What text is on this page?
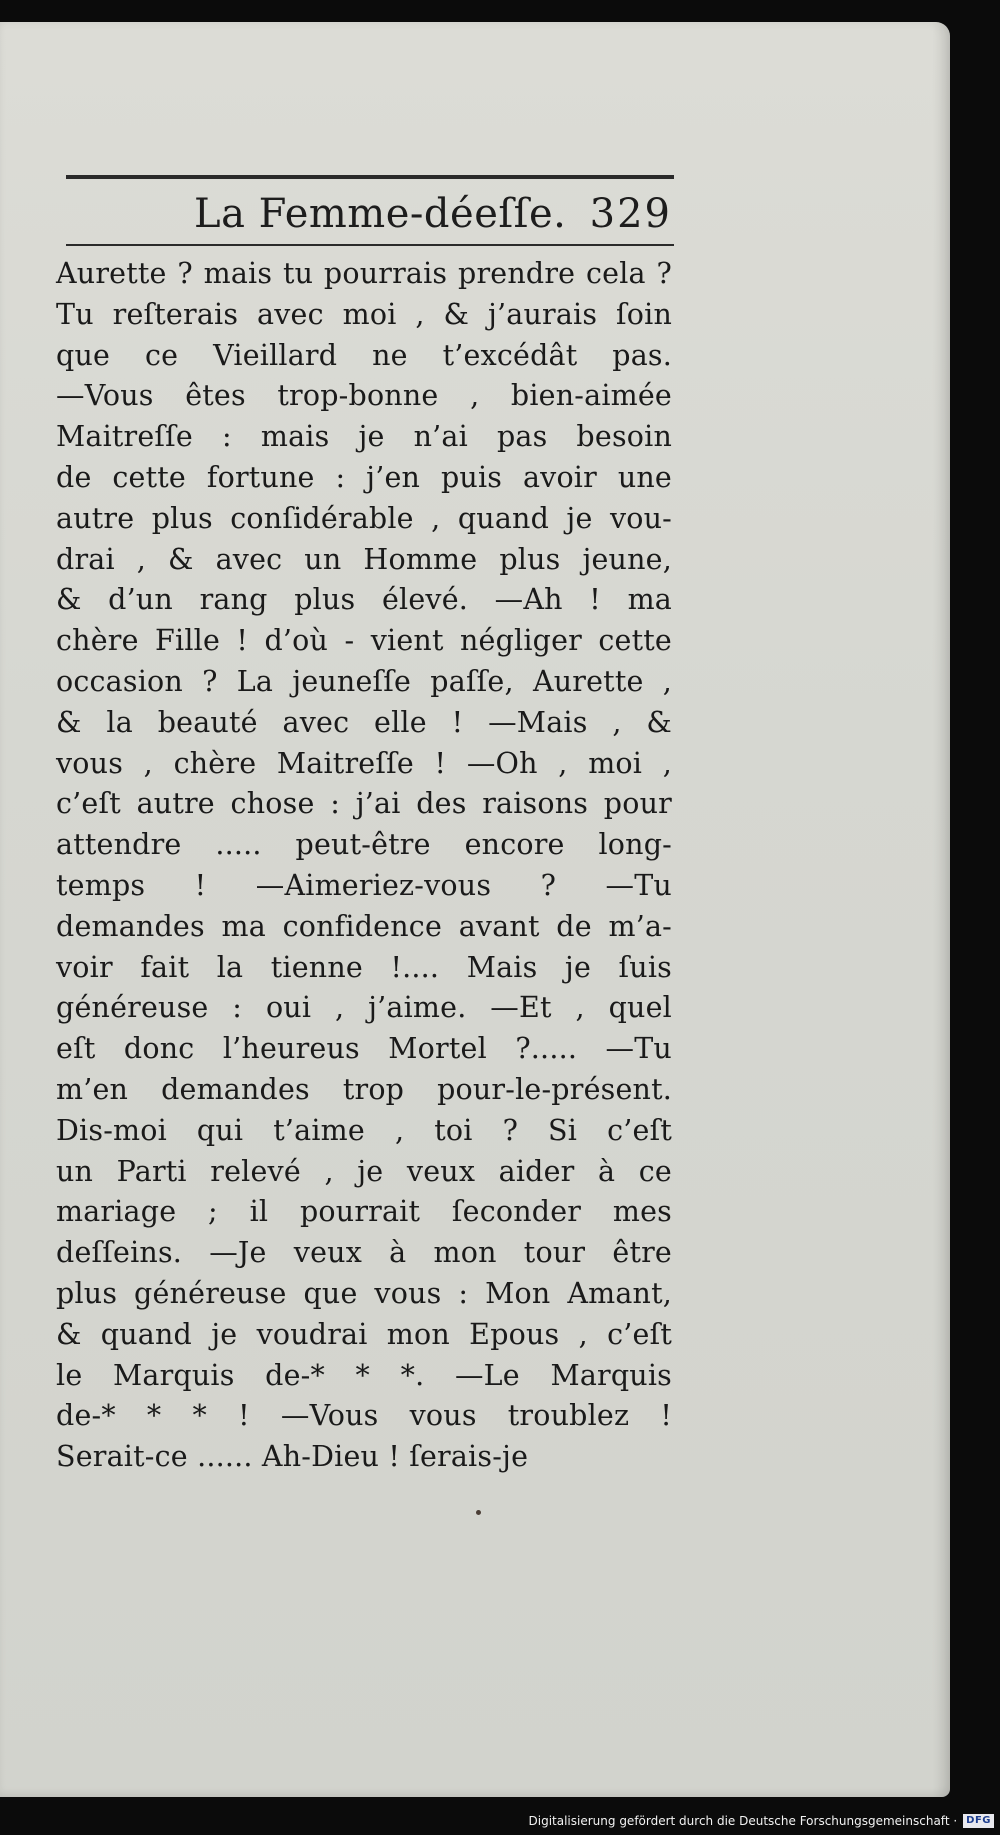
La Femme-déeſſe. 329
Aurette ? mais tu pourrais prendre cela ?
Tu reſterais avec moi , & j’aurais ſoin
que ce Vieillard ne t’excédât pas.
—Vous êtes trop-bonne , bien-aimée
Maitreſſe : mais je n’ai pas besoin
de cette fortune : j’en puis avoir une
autre plus conſidérable , quand je vou-
drai , & avec un Homme plus jeune,
& d’un rang plus élevé. —Ah ! ma
chère Fille ! d’où - vient négliger cette
occasion ? La jeuneſſe paſſe, Aurette ,
& la beauté avec elle ! —Mais , &
vous , chère Maitreſſe ! —Oh , moi ,
c’eſt autre chose : j’ai des raisons pour
attendre ..... peut-être encore long-
temps ! —Aimeriez-vous ? —Tu
demandes ma confidence avant de m’a-
voir fait la tienne !.... Mais je ſuis
généreuse : oui , j’aime. —Et , quel
eſt donc l’heureus Mortel ?..... —Tu
m’en demandes trop pour-le-présent.
Dis-moi qui t’aime , toi ? Si c’eſt
un Parti relevé , je veux aider à ce
mariage ; il pourrait ſeconder mes
deſſeins. —Je veux à mon tour être
plus généreuse que vous : Mon Amant,
& quand je voudrai mon Epous , c’eſt
le Marquis de-* * *. —Le Marquis
de-* * * ! —Vous vous troublez !
Serait-ce ...... Ah-Dieu ! ſerais-je
Digitalisierung gefördert durch die Deutsche Forschungsgemeinschaft · DFG
